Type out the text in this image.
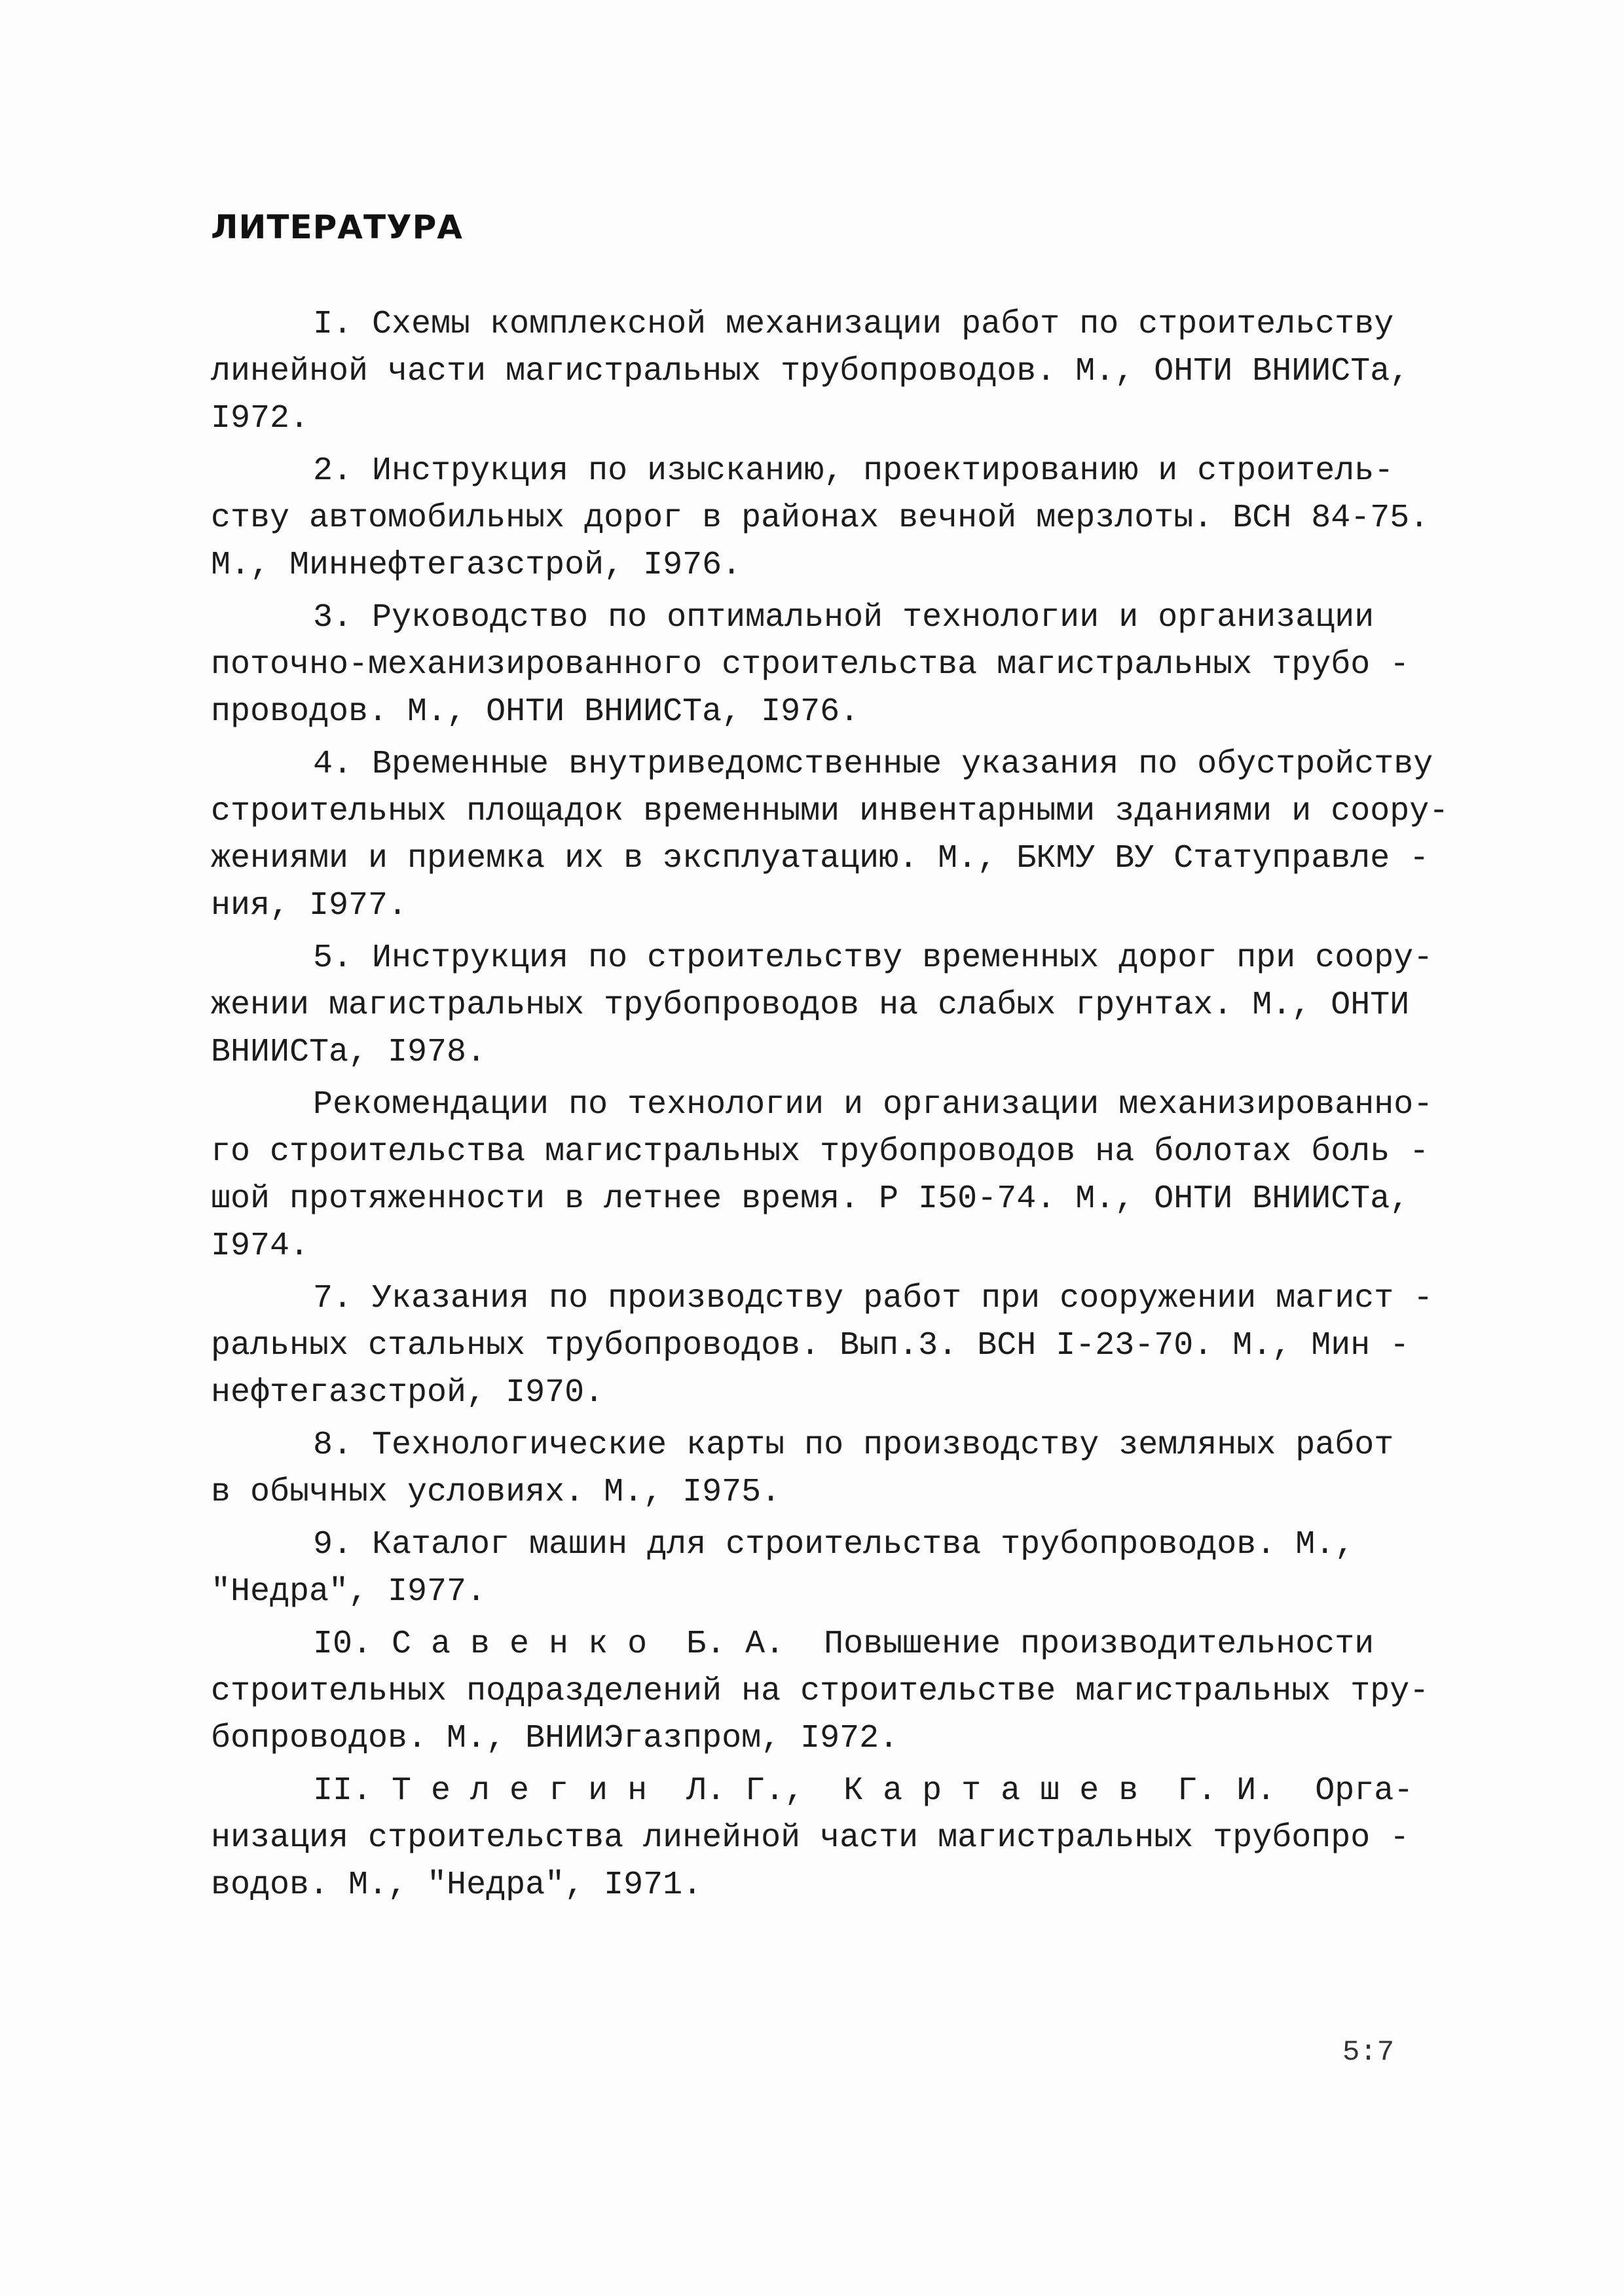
ЛИТЕРАТУРА
I. Схемы комплексной механизации работ по строительству
линейной части магистральных трубопроводов. М., ОНТИ ВНИИСТа,
I972.
2. Инструкция по изысканию, проектированию и строитель-
ству автомобильных дорог в районах вечной мерзлоты. ВСН 84-75.
М., Миннефтегазстрой, I976.
3. Руководство по оптимальной технологии и организации
поточно-механизированного строительства магистральных трубо -
проводов. М., ОНТИ ВНИИСТа, I976.
4. Временные внутриведомственные указания по обустройству
строительных площадок временными инвентарными зданиями и соору-
жениями и приемка их в эксплуатацию. М., БКМУ ВУ Статуправле -
ния, I977.
5. Инструкция по строительству временных дорог при соору-
жении магистральных трубопроводов на слабых грунтах. М., ОНТИ
ВНИИСТа, I978.
Рекомендации по технологии и организации механизированно-
го строительства магистральных трубопроводов на болотах боль -
шой протяженности в летнее время. Р I50-74. М., ОНТИ ВНИИСТа,
I974.
7. Указания по производству работ при сооружении магист -
ральных стальных трубопроводов. Вып.3. ВСН I-23-70. М., Мин -
нефтегазстрой, I970.
8. Технологические карты по производству земляных работ
в обычных условиях. М., I975.
9. Каталог машин для строительства трубопроводов. М.,
"Недра", I977.
I0. С а в е н к о  Б. А.  Повышение производительности
строительных подразделений на строительстве магистральных тру-
бопроводов. М., ВНИИЭгазпром, I972.
II. Т е л е г и н  Л. Г.,  К а р т а ш е в  Г. И.  Орга-
низация строительства линейной части магистральных трубопро -
водов. М., "Недра", I971.
5:7
